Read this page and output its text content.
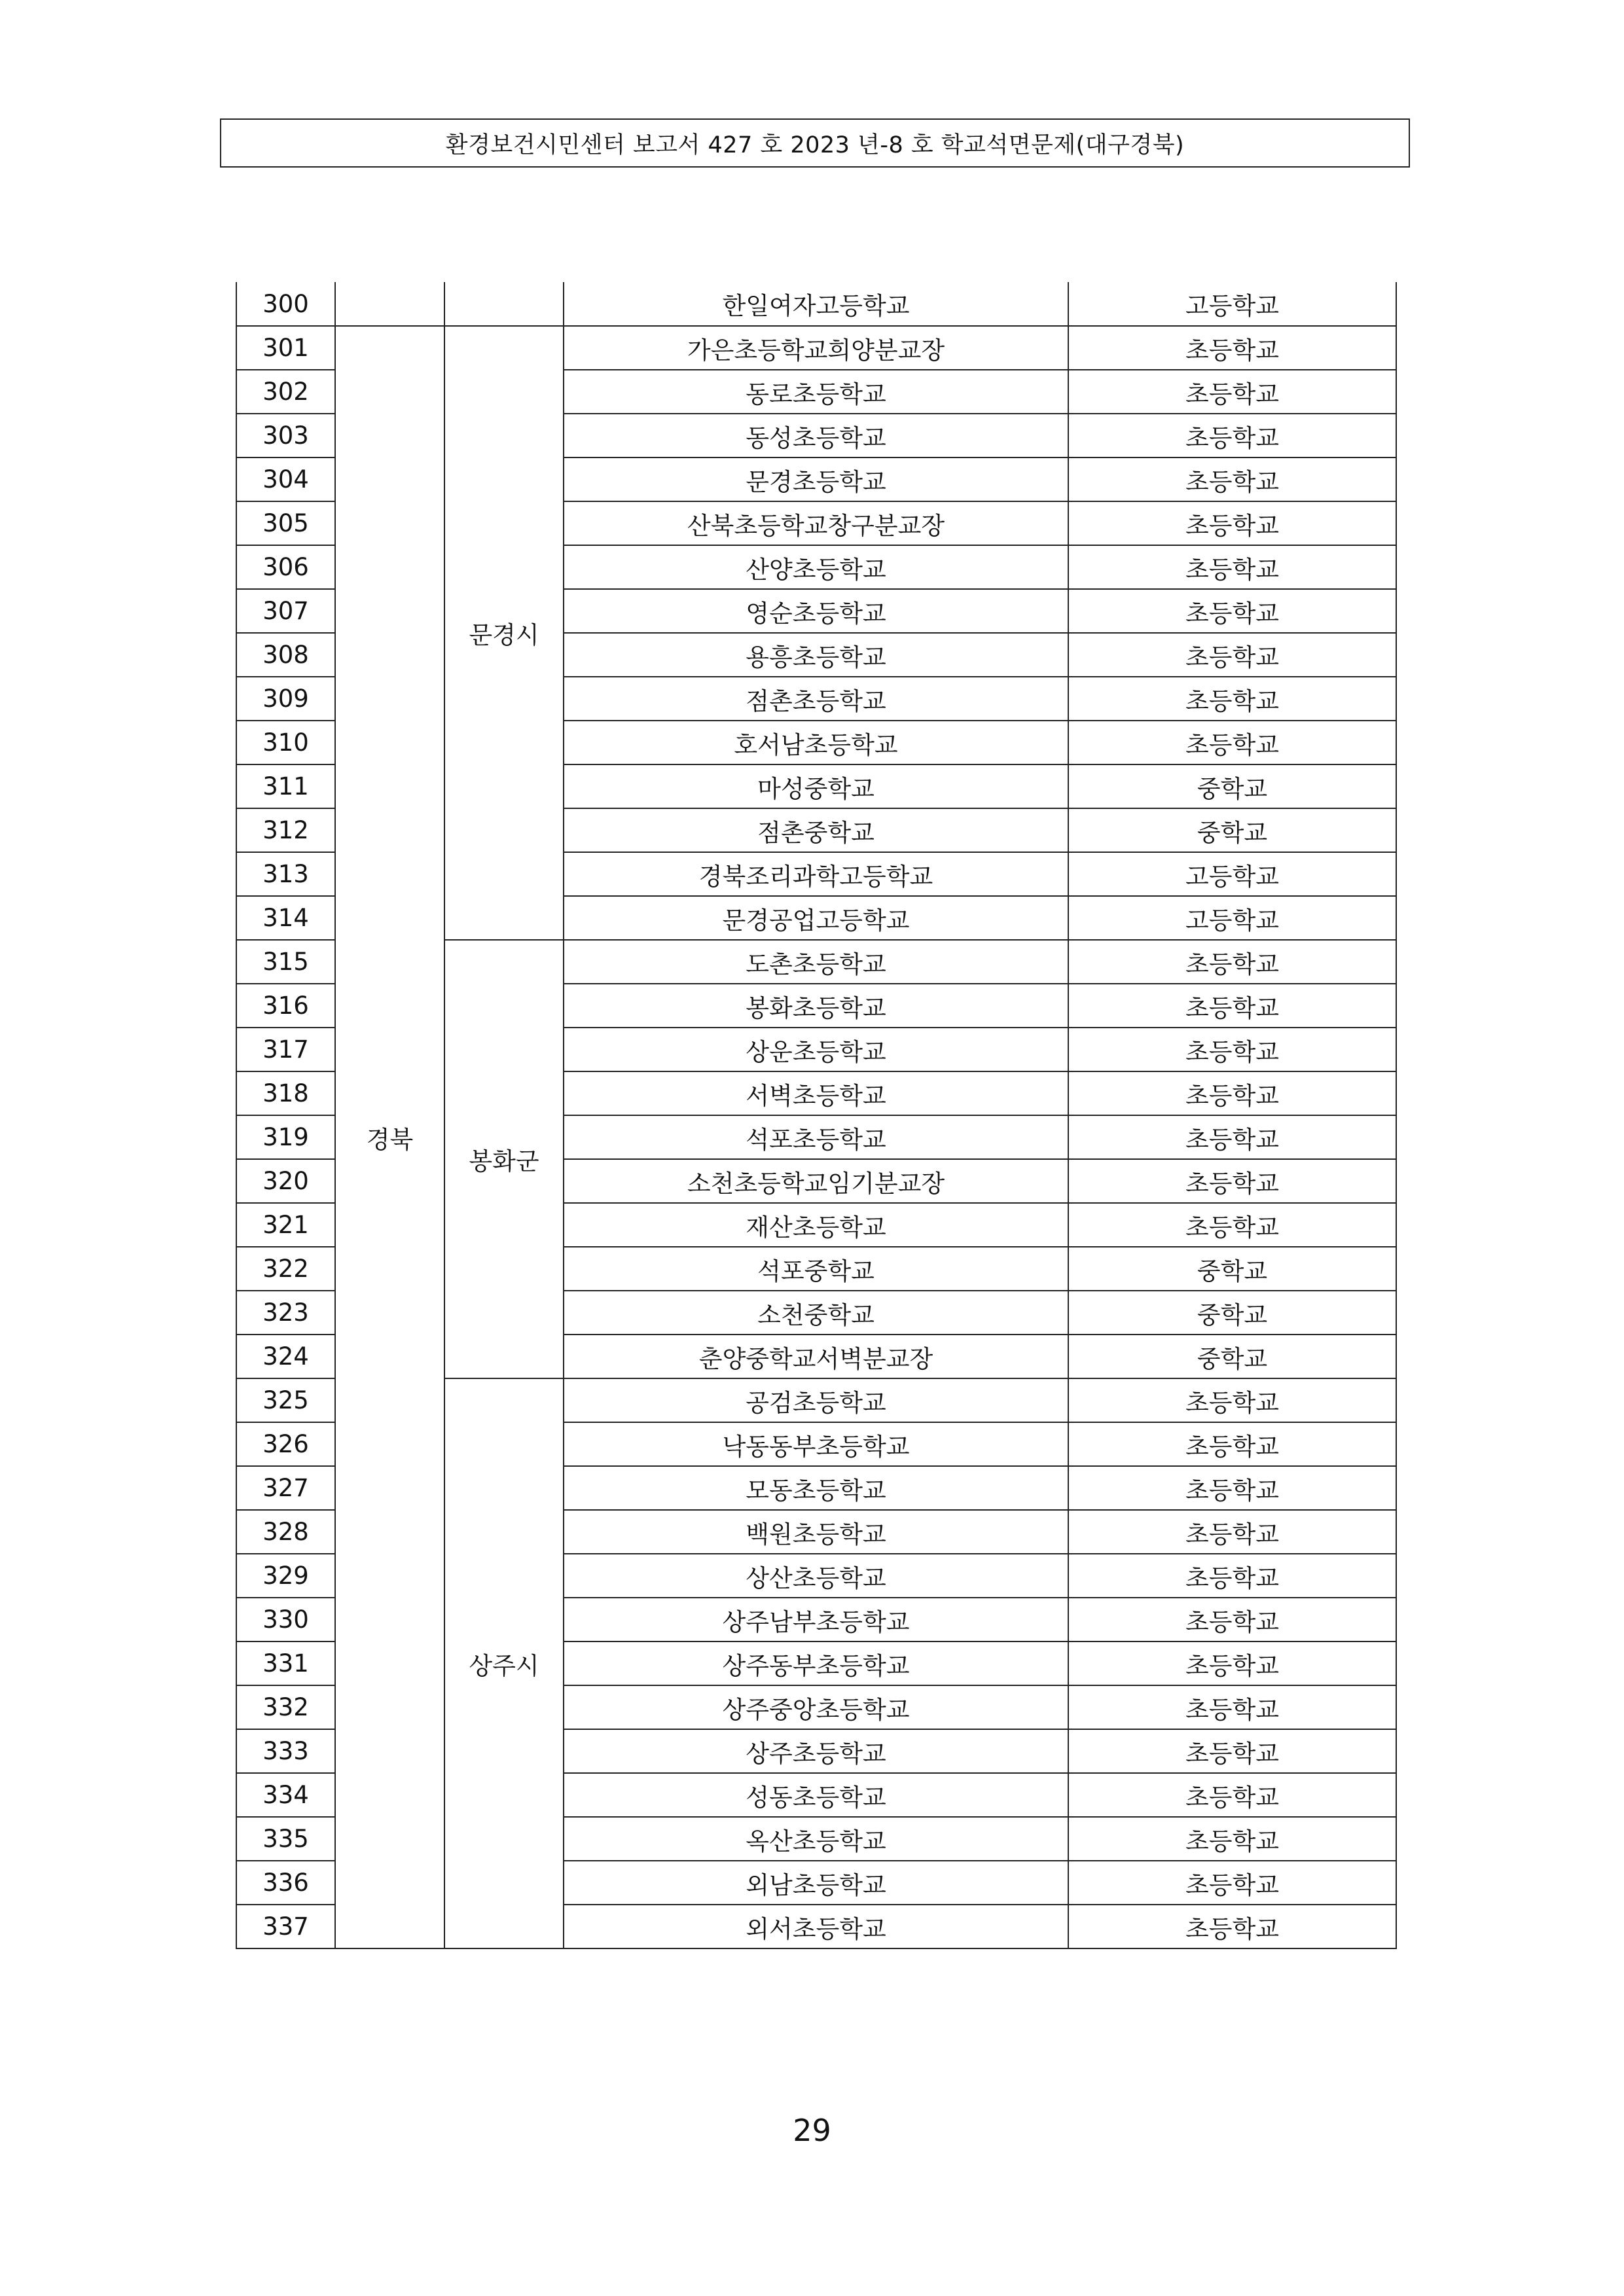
환경보건시민센터 보고서 427 호 2023 년-8 호 학교석면문제(대구경북)
300			한일여자고등학교	고등학교
301	경북	문경시	가은초등학교희양분교장	초등학교
302			동로초등학교	초등학교
303			동성초등학교	초등학교
304			문경초등학교	초등학교
305			산북초등학교창구분교장	초등학교
306			산양초등학교	초등학교
307			영순초등학교	초등학교
308			용흥초등학교	초등학교
309			점촌초등학교	초등학교
310			호서남초등학교	초등학교
311			마성중학교	중학교
312			점촌중학교	중학교
313			경북조리과학고등학교	고등학교
314			문경공업고등학교	고등학교
315		봉화군	도촌초등학교	초등학교
316			봉화초등학교	초등학교
317			상운초등학교	초등학교
318			서벽초등학교	초등학교
319			석포초등학교	초등학교
320			소천초등학교임기분교장	초등학교
321			재산초등학교	초등학교
322			석포중학교	중학교
323			소천중학교	중학교
324			춘양중학교서벽분교장	중학교
325		상주시	공검초등학교	초등학교
326			낙동동부초등학교	초등학교
327			모동초등학교	초등학교
328			백원초등학교	초등학교
329			상산초등학교	초등학교
330			상주남부초등학교	초등학교
331			상주동부초등학교	초등학교
332			상주중앙초등학교	초등학교
333			상주초등학교	초등학교
334			성동초등학교	초등학교
335			옥산초등학교	초등학교
336			외남초등학교	초등학교
337			외서초등학교	초등학교
29
